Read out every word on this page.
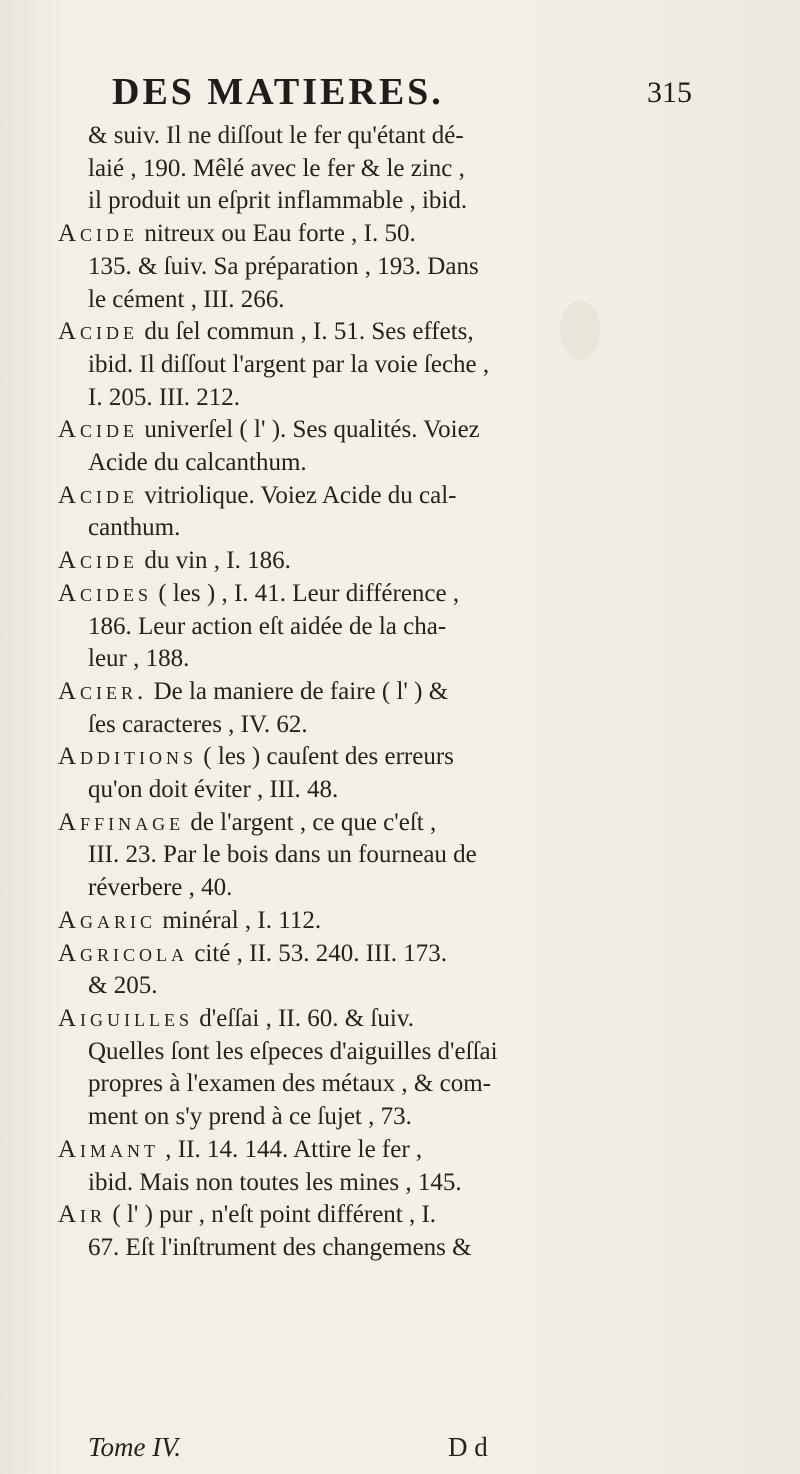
DES MATIERES.	315
& suiv. Il ne diſſout le fer qu'étant dé-
laié , 190. Mêlé avec le fer & le zinc ,
il produit un eſprit inflammable , ibid.
Acide nitreux ou Eau forte , I. 50.
135. & ſuiv. Sa préparation , 193. Dans
le cément , III. 266.
Acide du ſel commun , I. 51. Ses effets,
ibid. Il diſſout l'argent par la voie ſeche ,
I. 205. III. 212.
Acide univerſel ( l' ). Ses qualités. Voiez
Acide du calcanthum.
Acide vitriolique. Voiez Acide du cal-
canthum.
Acide du vin , I. 186.
Acides ( les ) , I. 41. Leur différence ,
186. Leur action eſt aidée de la cha-
leur , 188.
Acier. De la maniere de faire ( l' ) &
ſes caracteres , IV. 62.
Additions ( les ) cauſent des erreurs
qu'on doit éviter , III. 48.
Affinage de l'argent , ce que c'eſt ,
III. 23. Par le bois dans un fourneau de
réverbere , 40.
Agaric minéral , I. 112.
Agricola cité , II. 53. 240. III. 173.
& 205.
Aiguilles d'eſſai , II. 60. & ſuiv.
Quelles ſont les eſpeces d'aiguilles d'eſſai
propres à l'examen des métaux , & com-
ment on s'y prend à ce ſujet , 73.
Aimant , II. 14. 144. Attire le fer ,
ibid. Mais non toutes les mines , 145.
Air ( l' ) pur , n'eſt point différent , I.
67. Eſt l'inſtrument des changemens &
Tome IV.	D d
